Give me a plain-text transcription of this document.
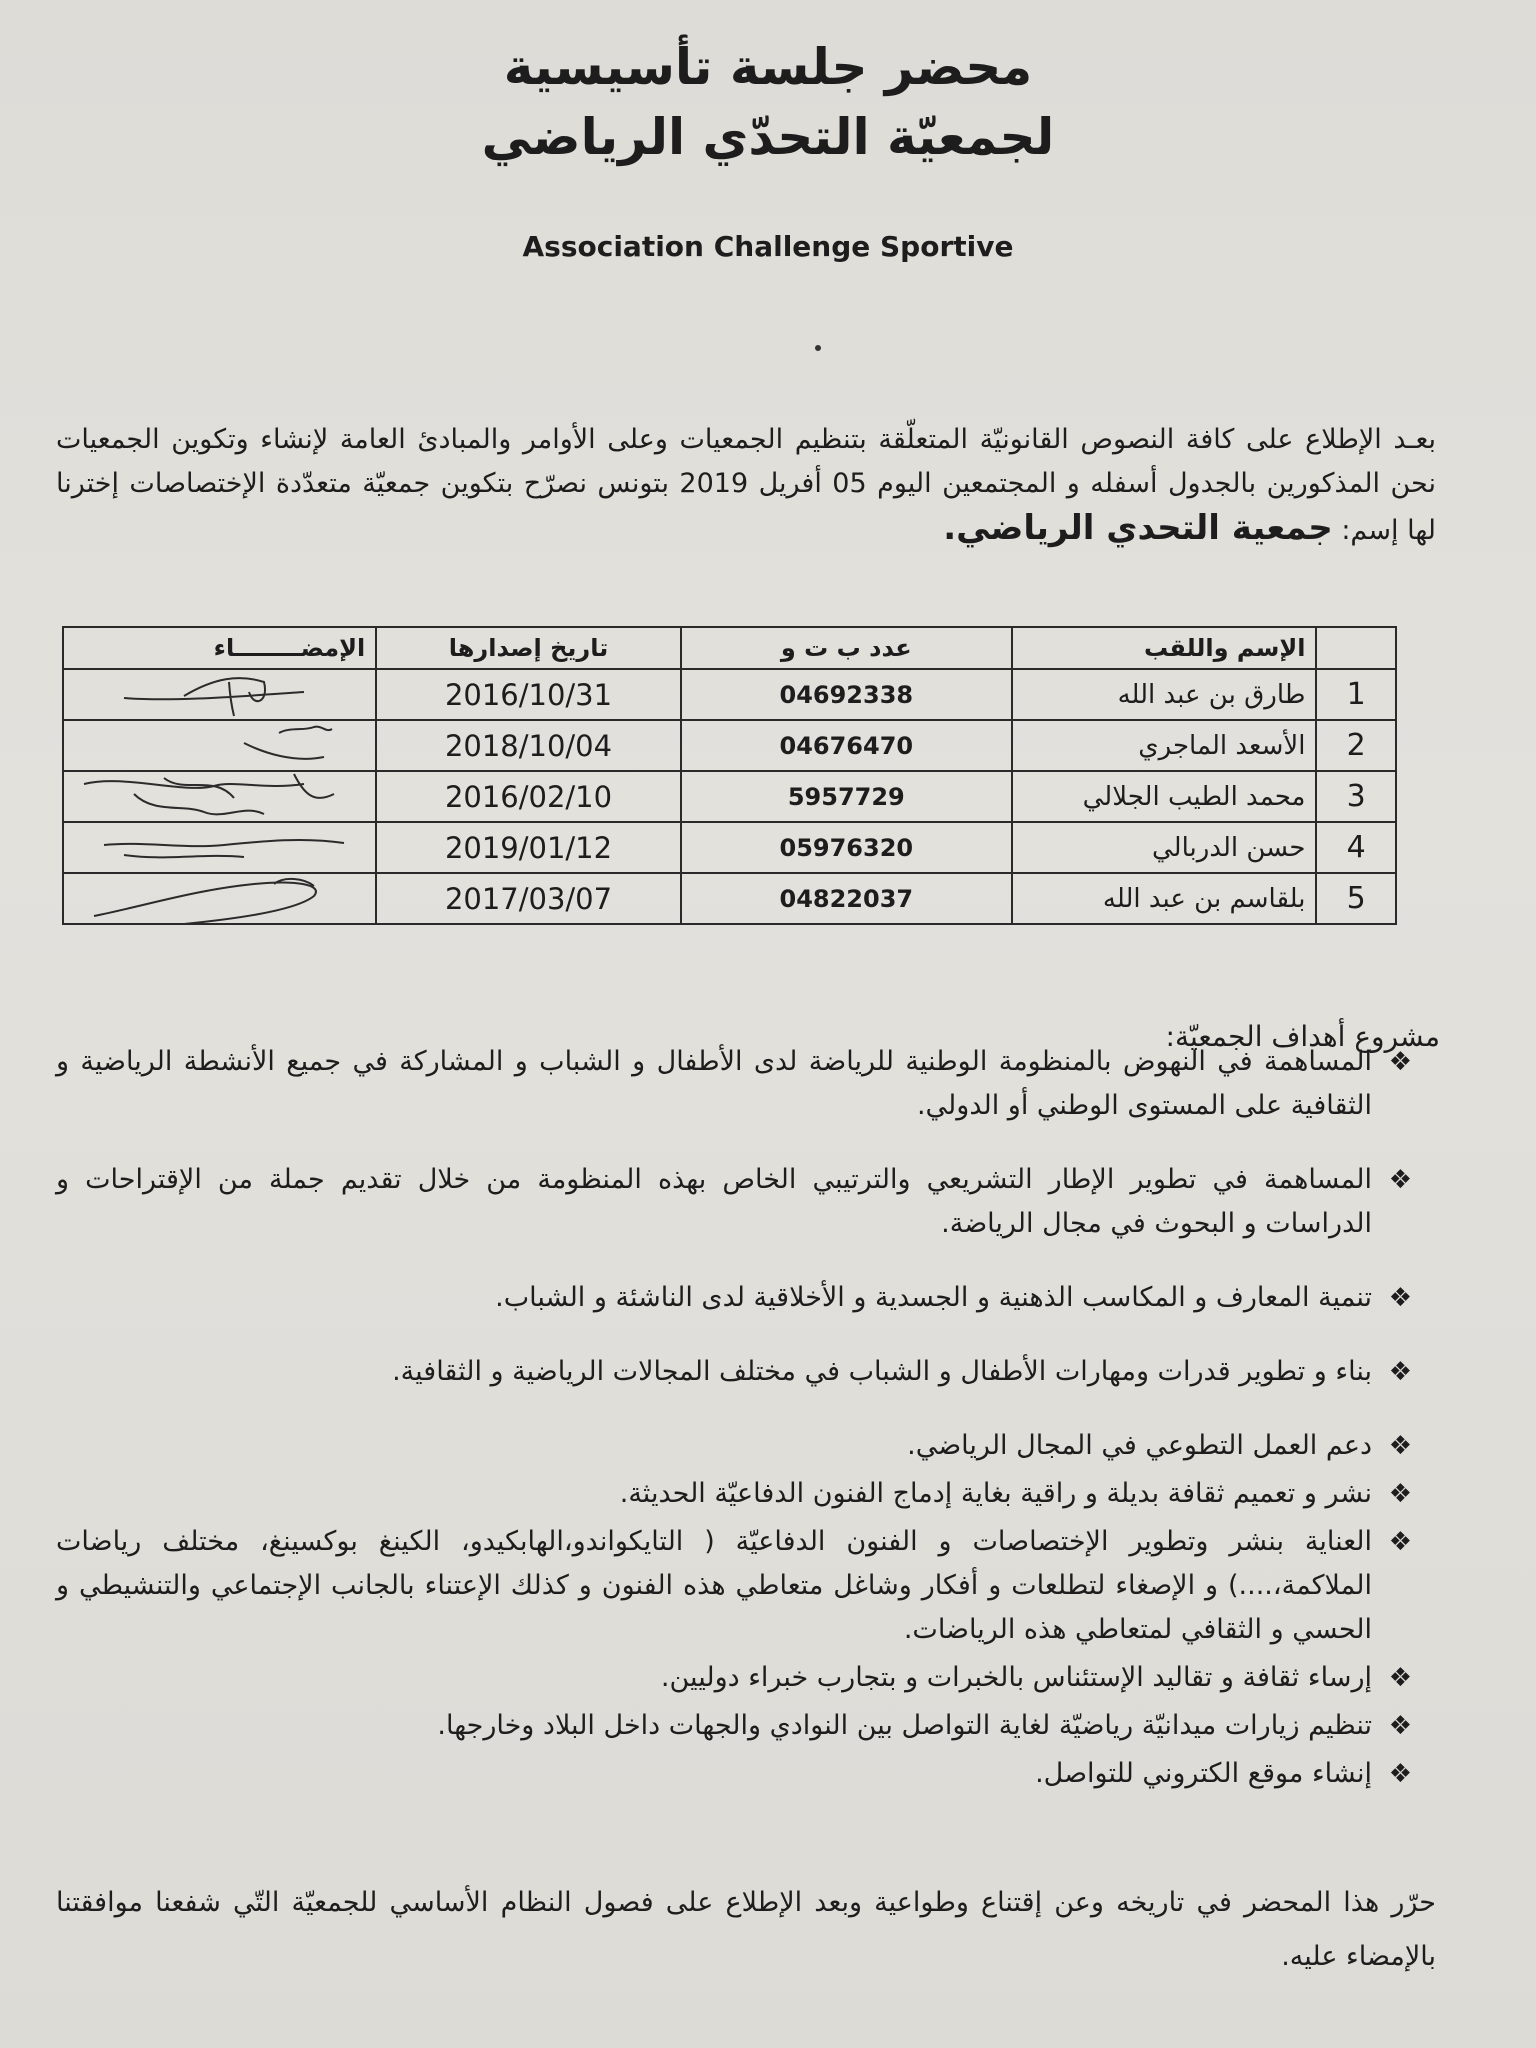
محضر جلسة تأسيسية
لجمعيّة التحدّي الرياضي
Association Challenge Sportive
بعـد الإطلاع على كافة النصوص القانونيّة المتعلّقة بتنظيم الجمعيات وعلى الأوامر والمبادئ العامة لإنشاء وتكوين الجمعيات نحن المذكورين بالجدول أسفله و المجتمعين اليوم 05 أفريل 2019 بتونس نصرّح بتكوين جمعيّة متعدّدة الإختصاصات إخترنا لها إسم: جمعية التحدي الرياضي.
	الإسم واللقب	عدد ب ت و	تاريخ إصدارها	الإمضــــــــاء
1	طارق بن عبد الله	04692338	2016/10/31	

2	الأسعد الماجري	04676470	2018/10/04	

3	محمد الطيب الجلالي	5957729	2016/02/10	

4	حسن الدربالي	05976320	2019/01/12	

5	بلقاسم بن عبد الله	04822037	2017/03/07	
مشروع أهداف الجمعيّة:
❖
المساهمة في النهوض بالمنظومة الوطنية للرياضة لدى الأطفال و الشباب و المشاركة في جميع الأنشطة الرياضية و الثقافية على المستوى الوطني أو الدولي.
❖
المساهمة في تطوير الإطار التشريعي والترتيبي الخاص بهذه المنظومة من خلال تقديم جملة من الإقتراحات و الدراسات و البحوث في مجال الرياضة.
❖
تنمية المعارف و المكاسب الذهنية و الجسدية و الأخلاقية لدى الناشئة و الشباب.
❖
بناء و تطوير قدرات ومهارات الأطفال و الشباب في مختلف المجالات الرياضية و الثقافية.
❖
دعم العمل التطوعي في المجال الرياضي.
❖
نشر و تعميم ثقافة بديلة و راقية بغاية إدماج الفنون الدفاعيّة الحديثة.
❖
العناية بنشر وتطوير الإختصاصات و الفنون الدفاعيّة ( التايكواندو،الهابكيدو، الكينغ بوكسينغ، مختلف رياضات الملاكمة،....) و الإصغاء لتطلعات و أفكار وشاغل متعاطي هذه الفنون و كذلك الإعتناء بالجانب الإجتماعي والتنشيطي و الحسي و الثقافي لمتعاطي هذه الرياضات.
❖
إرساء ثقافة و تقاليد الإستئناس بالخبرات و بتجارب خبراء دوليين.
❖
تنظيم زيارات ميدانيّة رياضيّة لغاية التواصل بين النوادي والجهات داخل البلاد وخارجها.
❖
إنشاء موقع الكتروني للتواصل.
حرّر هذا المحضر في تاريخه وعن إقتناع وطواعية وبعد الإطلاع على فصول النظام الأساسي للجمعيّة التّي شفعنا موافقتنا بالإمضاء عليه.
